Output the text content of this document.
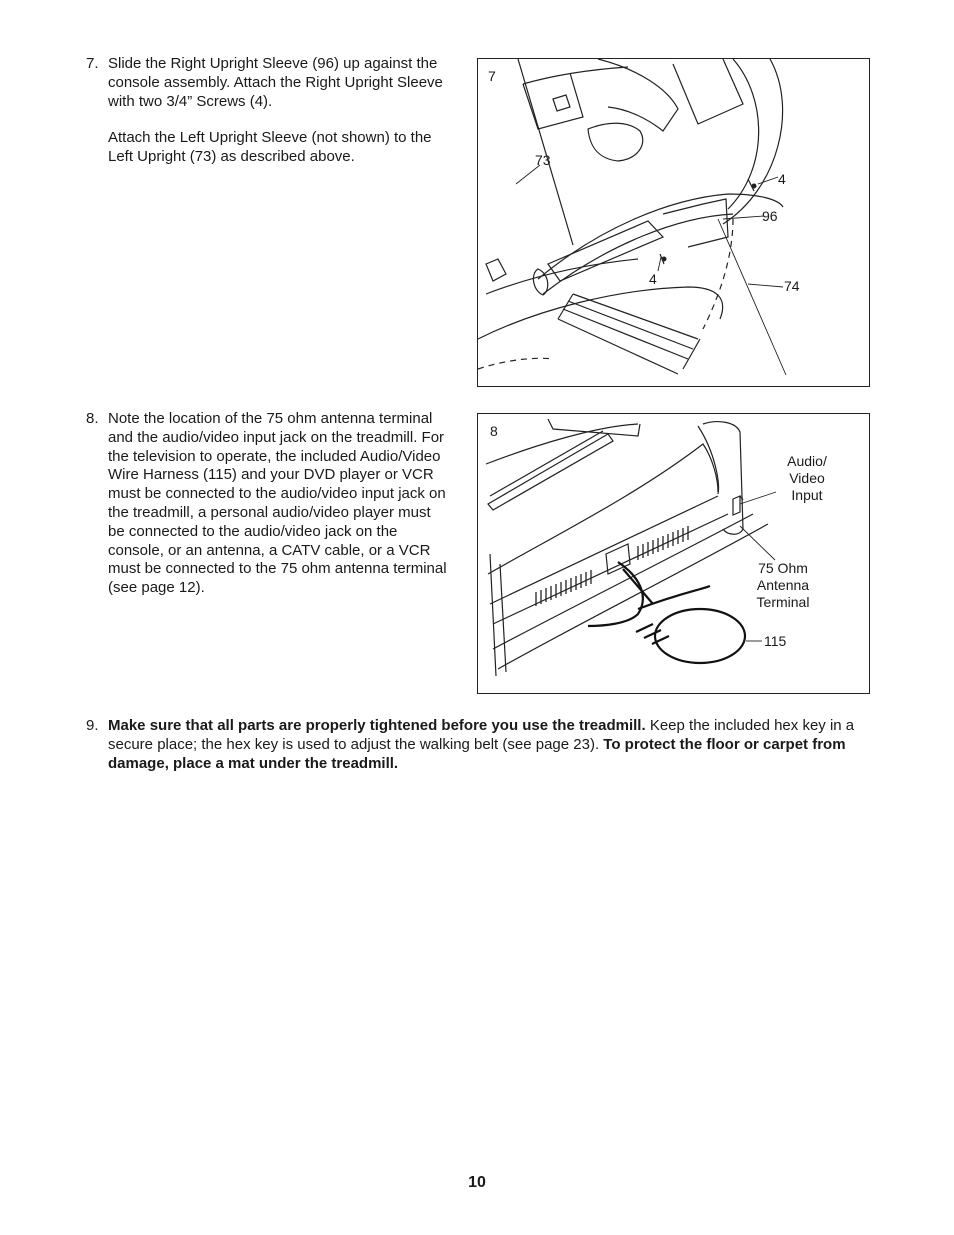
7. Slide the Right Upright Sleeve (96) up against the console assembly. Attach the Right Upright Sleeve with two 3/4” Screws (4).

Attach the Left Upright Sleeve (not shown) to the Left Upright (73) as described above.

7
73
4
96
4	74
8. Note the location of the 75 ohm antenna terminal and the audio/video input jack on the treadmill. For the television to operate, the included Audio/Video Wire Harness (115) and your DVD player or VCR must be connected to the audio/video input jack on the treadmill, a personal audio/video player must be connected to the audio/video jack on the console, or an antenna, a CATV cable, or a VCR must be connected to the 75 ohm antenna terminal (see page 12).
8
Audio/
Video
Input
75 Ohm
Antenna
Terminal
115
9. Make sure that all parts are properly tightened before you use the treadmill. Keep the included hex key in a secure place; the hex key is used to adjust the walking belt (see page 23). To protect the floor or carpet from damage, place a mat under the treadmill.
10
